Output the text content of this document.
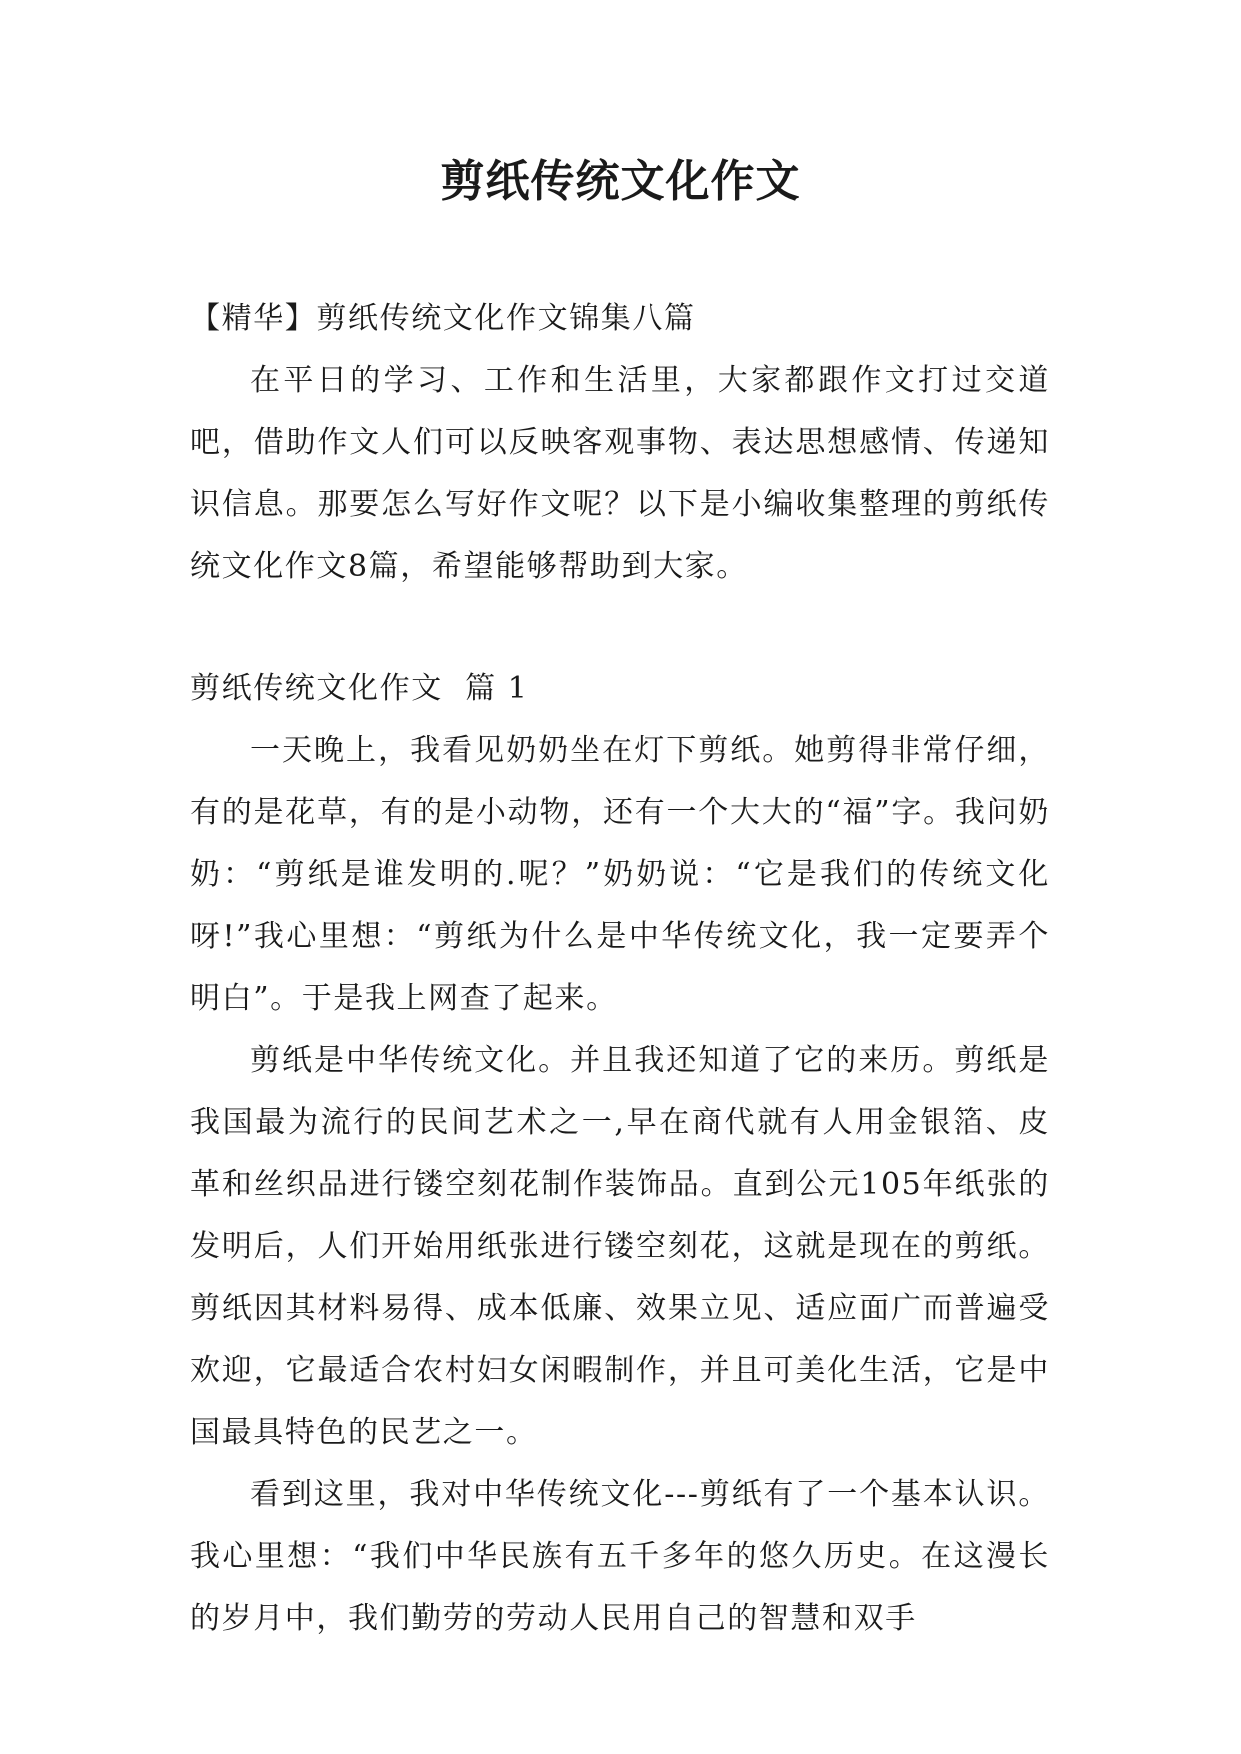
剪纸传统文化作文

【精华】剪纸传统文化作文锦集八篇

在平日的学习、工作和生活里，大家都跟作文打过交道吧，借助作文人们可以反映客观事物、表达思想感情、传递知识信息。那要怎么写好作文呢？以下是小编收集整理的剪纸传统文化作文8篇，希望能够帮助到大家。

剪纸传统文化作文  篇 1

一天晚上，我看见奶奶坐在灯下剪纸。她剪得非常仔细，有的是花草，有的是小动物，还有一个大大的“福”字。我问奶奶：“剪纸是谁发明的.呢？”奶奶说：“它是我们的传统文化呀!”我心里想：“剪纸为什么是中华传统文化，我一定要弄个明白”。于是我上网查了起来。

剪纸是中华传统文化。并且我还知道了它的来历。剪纸是我国最为流行的民间艺术之一,早在商代就有人用金银箔、皮革和丝织品进行镂空刻花制作装饰品。直到公元105年纸张的发明后，人们开始用纸张进行镂空刻花，这就是现在的剪纸。剪纸因其材料易得、成本低廉、效果立见、适应面广而普遍受欢迎，它最适合农村妇女闲暇制作，并且可美化生活，它是中国最具特色的民艺之一。

看到这里，我对中华传统文化---剪纸有了一个基本认识。我心里想：“我们中华民族有五千多年的悠久历史。在这漫长的岁月中，我们勤劳的劳动人民用自己的智慧和双手
